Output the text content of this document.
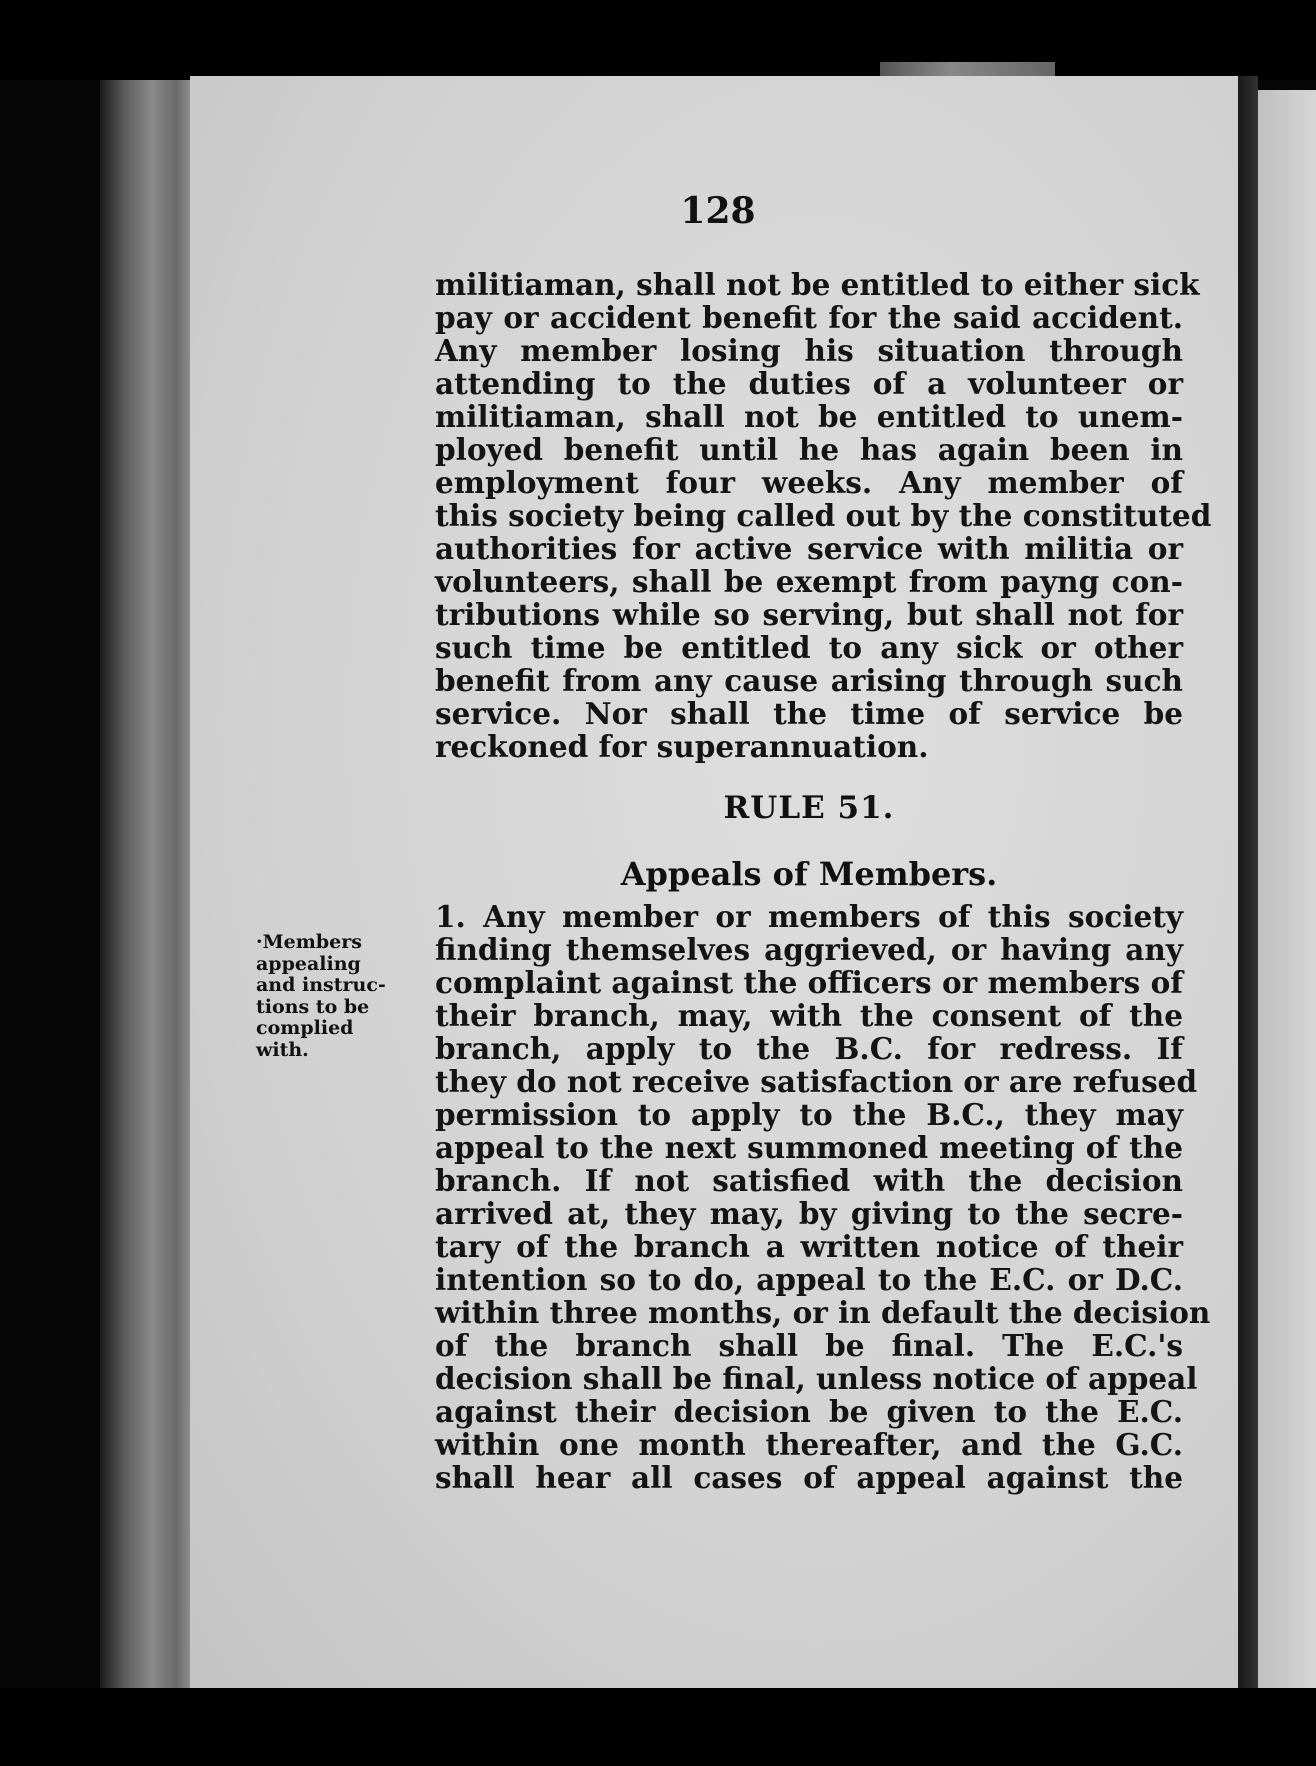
128
militiaman, shall not be entitled to either sick
pay or accident benefit for the said accident.
Any member losing his situation through
attending to the duties of a volunteer or
militiaman, shall not be entitled to unem-
ployed benefit until he has again been in
employment four weeks. Any member of
this society being called out by the constituted
authorities for active service with militia or
volunteers, shall be exempt from payng con-
tributions while so serving, but shall not for
such time be entitled to any sick or other
benefit from any cause arising through such
service. Nor shall the time of service be
reckoned for superannuation.
RULE 51.
Appeals of Members.
·Members
appealing
and instruc-
tions to be
complied
with.
1. Any member or members of this society
finding themselves aggrieved, or having any
complaint against the officers or members of
their branch, may, with the consent of the
branch, apply to the B.C. for redress. If
they do not receive satisfaction or are refused
permission to apply to the B.C., they may
appeal to the next summoned meeting of the
branch. If not satisfied with the decision
arrived at, they may, by giving to the secre-
tary of the branch a written notice of their
intention so to do, appeal to the E.C. or D.C.
within three months, or in default the decision
of the branch shall be final. The E.C.'s
decision shall be final, unless notice of appeal
against their decision be given to the E.C.
within one month thereafter, and the G.C.
shall hear all cases of appeal against the
